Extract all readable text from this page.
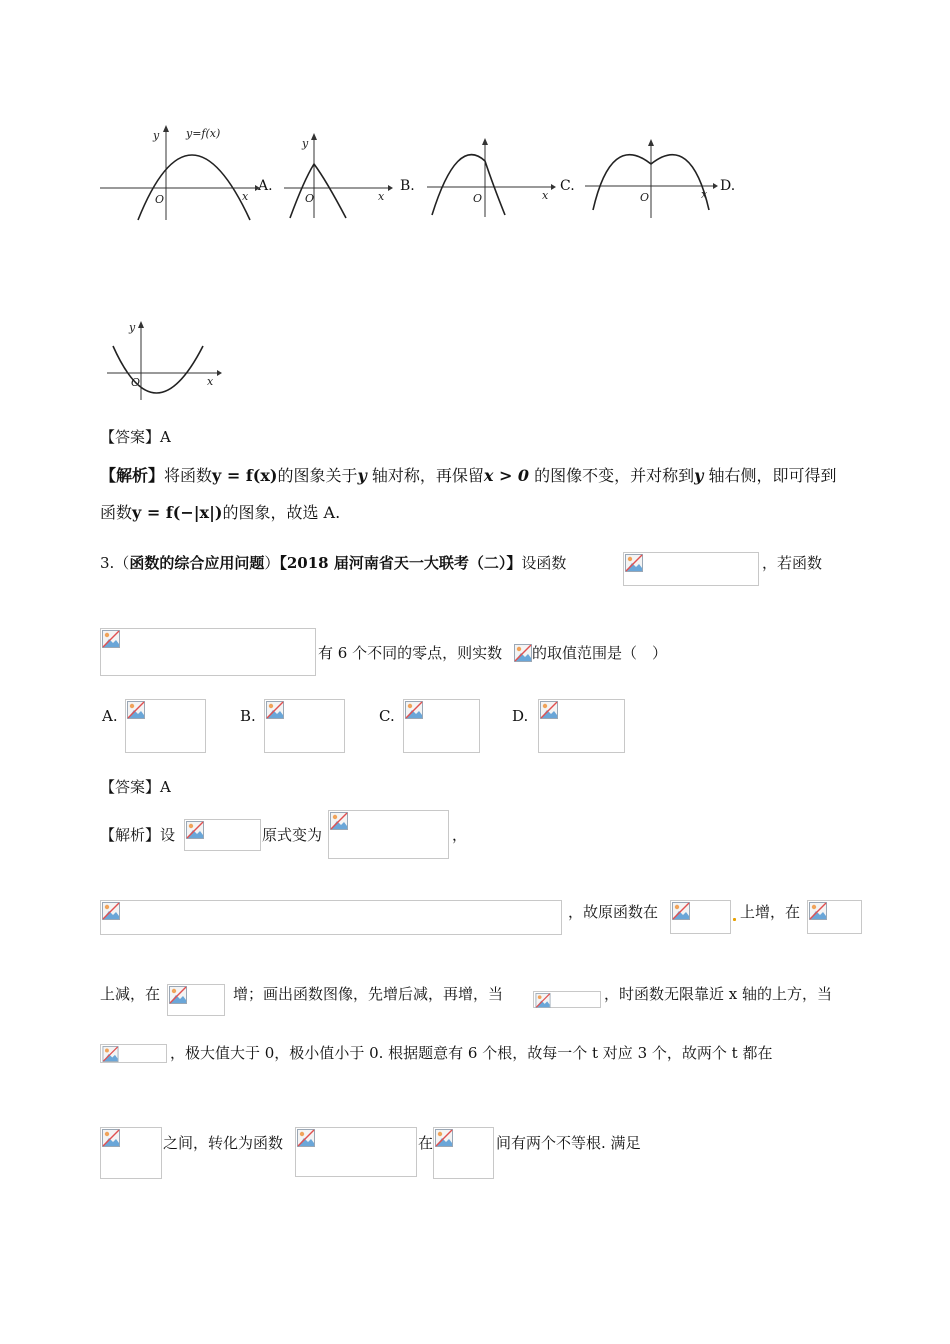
y y=f(x)
O	x
A.
y
O	x
B.
O	x
C.
O	x
D.
y
O	x
【答案】A
【解析】将函数y = f(x)的图象关于y 轴对称，再保留x > 0 的图像不变，并对称到y 轴右侧，即可得到
函数y = f(−|x|)的图象，故选 A.
3.（函数的综合应用问题）【2018 届河南省天一大联考（二）】设函数	，若函数
有 6 个不同的零点，则实数 的取值范围是（　）
A.	B.	C.	D.
【答案】A
【解析】设	原式变为	，
，故原函数在	上增，在
上减，在	增；画出函数图像，先增后减，再增，当	，时函数无限靠近 x 轴的上方，当
，极大值大于 0，极小值小于 0. 根据题意有 6 个根，故每一个 t 对应 3 个，故两个 t 都在
之间，转化为函数	在	间有两个不等根. 满足
